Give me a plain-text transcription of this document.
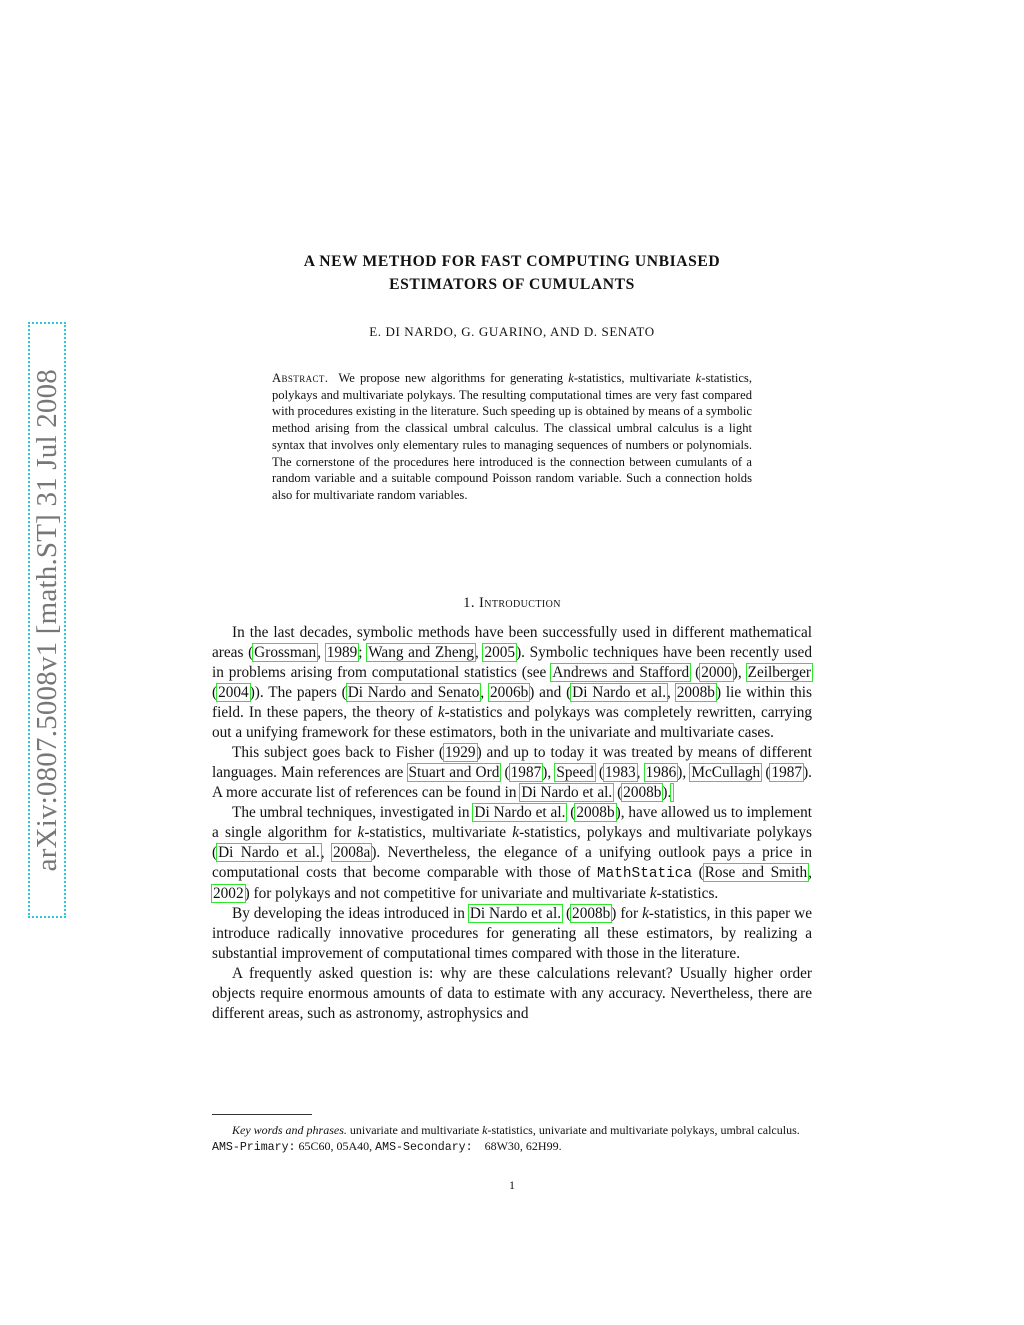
arXiv:0807.5008v1 [math.ST] 31 Jul 2008
A NEW METHOD FOR FAST COMPUTING UNBIASED
ESTIMATORS OF CUMULANTS
E. DI NARDO, G. GUARINO, AND D. SENATO
Abstract. We propose new algorithms for generating k-statistics, multivariate k-statistics, polykays and multivariate polykays. The resulting computational times are very fast compared with procedures existing in the literature. Such speeding up is obtained by means of a symbolic method arising from the classical umbral calculus. The classical umbral calculus is a light syntax that involves only elementary rules to managing sequences of numbers or polynomials. The cornerstone of the procedures here introduced is the connection between cumulants of a random variable and a suitable compound Poisson random variable. Such a connection holds also for multivariate random variables.
1. Introduction

In the last decades, symbolic methods have been successfully used in different mathematical areas (Grossman, 1989; Wang and Zheng, 2005). Symbolic techniques have been recently used in problems arising from computational statistics (see Andrews and Stafford (2000), Zeilberger (2004)). The papers (Di Nardo and Senato, 2006b) and (Di Nardo et al., 2008b) lie within this field. In these papers, the theory of k-statistics and polykays was completely rewritten, carrying out a unifying framework for these estimators, both in the univariate and multivariate cases.

This subject goes back to Fisher (1929) and up to today it was treated by means of different languages. Main references are Stuart and Ord (1987), Speed (1983, 1986), McCullagh (1987). A more accurate list of references can be found in Di Nardo et al. (2008b).

The umbral techniques, investigated in Di Nardo et al. (2008b), have allowed us to implement a single algorithm for k-statistics, multivariate k-statistics, polykays and multivariate polykays (Di Nardo et al., 2008a). Nevertheless, the elegance of a unifying outlook pays a price in computational costs that become comparable with those of MathStatica (Rose and Smith, 2002) for polykays and not competitive for univariate and multivariate k-statistics.

By developing the ideas introduced in Di Nardo et al. (2008b) for k-statistics, in this paper we introduce radically innovative procedures for generating all these estimators, by realizing a substantial improvement of computational times compared with those in the literature.

A frequently asked question is: why are these calculations relevant? Usually higher order objects require enormous amounts of data to estimate with any accuracy. Nevertheless, there are different areas, such as astronomy, astrophysics and

Key words and phrases. univariate and multivariate k-statistics, univariate and multivariate polykays, umbral calculus.
AMS-Primary: 65C60, 05A40, AMS-Secondary: 68W30, 62H99.
1
